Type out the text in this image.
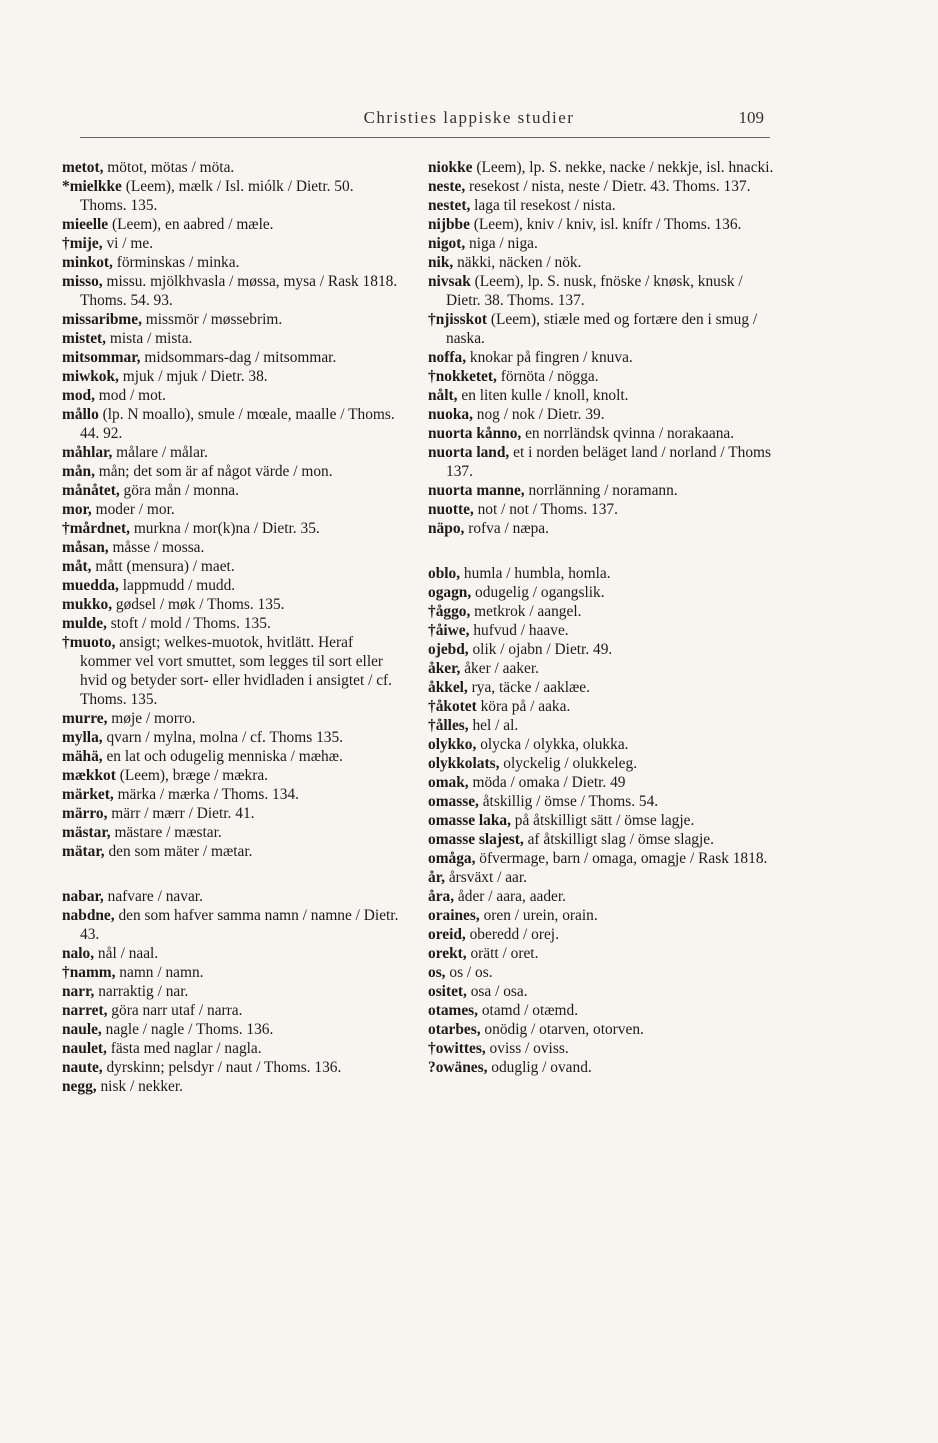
Christies lappiske studier	109

metot, mötot, mötas / möta.

*mielkke (Leem), mælk / Isl. miólk / Dietr. 50. Thoms. 135.

mieelle (Leem), en aabred / mæle.

†mije, vi / me.

minkot, förminskas / minka.

misso, missu. mjölkhvasla / møssa, mysa / Rask 1818. Thoms. 54. 93.

missaribme, missmör / møssebrim.

mistet, mista / mista.

mitsommar, midsommars-dag / mitsommar.

miwkok, mjuk / mjuk / Dietr. 38.

mod, mod / mot.

mållo (lp. N moallo), smule / mœale, maalle / Thoms. 44. 92.

måhlar, målare / målar.

mån, mån; det som är af något värde / mon.

månåtet, göra mån / monna.

mor, moder / mor.

†mårdnet, murkna / mor(k)na / Dietr. 35.

måsan, måsse / mossa.

måt, mått (mensura) / maet.

muedda, lappmudd / mudd.

mukko, gødsel / møk / Thoms. 135.

mulde, stoft / mold / Thoms. 135.

†muoto, ansigt; welkes-muotok, hvitlätt. Heraf kommer vel vort smuttet, som legges til sort eller hvid og betyder sort- eller hvidladen i ansigtet / cf. Thoms. 135.

murre, møje / morro.

mylla, qvarn / mylna, molna / cf. Thoms 135.

mähä, en lat och odugelig menniska / mæhæ.

mækkot (Leem), bræge / mækra.

märket, märka / mærka / Thoms. 134.

märro, märr / mærr / Dietr. 41.

mästar, mästare / mæstar.

mätar, den som mäter / mætar.

nabar, nafvare / navar.

nabdne, den som hafver samma namn / namne / Dietr. 43.

nalo, nål / naal.

†namm, namn / namn.

narr, narraktig / nar.

narret, göra narr utaf / narra.

naule, nagle / nagle / Thoms. 136.

naulet, fästa med naglar / nagla.

naute, dyrskinn; pelsdyr / naut / Thoms. 136.

negg, nisk / nekker.

niokke (Leem), lp. S. nekke, nacke / nekkje, isl. hnacki.

neste, resekost / nista, neste / Dietr. 43. Thoms. 137.

nestet, laga til resekost / nista.

nijbbe (Leem), kniv / kniv, isl. knífr / Thoms. 136.

nigot, niga / niga.

nik, näkki, näcken / nök.

nivsak (Leem), lp. S. nusk, fnöske / knøsk, knusk / Dietr. 38. Thoms. 137.

†njisskot (Leem), stiæle med og fortære den i smug / naska.

noffa, knokar på fingren / knuva.

†nokketet, förnöta / nögga.

nålt, en liten kulle / knoll, knolt.

nuoka, nog / nok / Dietr. 39.

nuorta kånno, en norrländsk qvinna / norakaana.

nuorta land, et i norden beläget land / norland / Thoms 137.

nuorta manne, norrlänning / noramann.

nuotte, not / not / Thoms. 137.

näpo, rofva / næpa.

oblo, humla / humbla, homla.

ogagn, odugelig / ogangslik.

†åggo, metkrok / aangel.

†åiwe, hufvud / haave.

ojebd, olik / ojabn / Dietr. 49.

åker, åker / aaker.

åkkel, rya, täcke / aaklæe.

†åkotet köra på / aaka.

†ålles, hel / al.

olykko, olycka / olykka, olukka.

olykkolats, olyckelig / olukkeleg.

omak, möda / omaka / Dietr. 49

omasse, åtskillig / ömse / Thoms. 54.

omasse laka, på åtskilligt sätt / ömse lagje.

omasse slajest, af åtskilligt slag / ömse slagje.

omåga, öfvermage, barn / omaga, omagje / Rask 1818.

år, årsväxt / aar.

åra, åder / aara, aader.

oraines, oren / urein, orain.

oreid, oberedd / orej.

orekt, orätt / oret.

os, os / os.

ositet, osa / osa.

otames, otamd / otæmd.

otarbes, onödig / otarven, otorven.

†owittes, oviss / oviss.

?owänes, oduglig / ovand.
